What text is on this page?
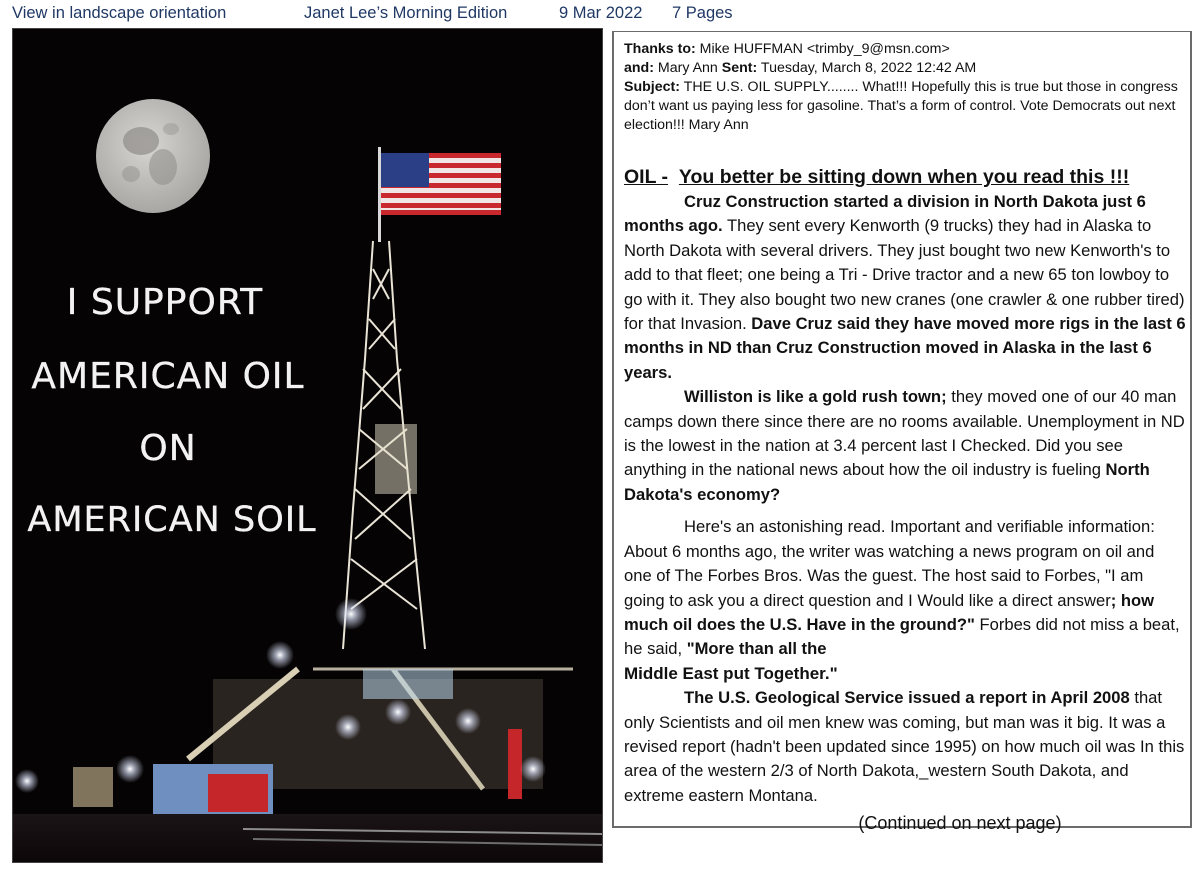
View in landscape orientation	Janet Lee’s Morning Edition	9 Mar 2022 7 Pages
I SUPPORT
AMERICAN OIL
ON
AMERICAN SOIL
Thanks to: Mike HUFFMAN <trimby_9@msn.com>
and: Mary Ann Sent: Tuesday, March 8, 2022 12:42 AM
Subject: THE U.S. OIL SUPPLY........ What!!! Hopefully this is true but those in congress don’t want us paying less for gasoline. That’s a form of control. Vote Democrats out next election!!! Mary Ann
OIL - You better be sitting down when you read this !!!

Cruz Construction started a division in North Dakota just 6 months ago. They sent every Kenworth (9 trucks) they had in Alaska to North Dakota with several drivers. They just bought two new Kenworth's to add to that fleet; one being a Tri - Drive tractor and a new 65 ton lowboy to go with it. They also bought two new cranes (one crawler & one rubber tired) for that Invasion. Dave Cruz said they have moved more rigs in the last 6 months in ND than Cruz Construction moved in Alaska in the last 6 years.

Williston is like a gold rush town; they moved one of our 40 man camps down there since there are no rooms available. Unemployment in ND is the lowest in the nation at 3.4 percent last I Checked. Did you see anything in the national news about how the oil industry is fueling North Dakota's economy?

Here's an astonishing read. Important and verifiable information: About 6 months ago, the writer was watching a news program on oil and one of The Forbes Bros. Was the guest. The host said to Forbes, "I am going to ask you a direct question and I Would like a direct answer; how much oil does the U.S. Have in the ground?" Forbes did not miss a beat, he said, "More than all the
Middle East put Together."

The U.S. Geological Service issued a report in April 2008 that only Scientists and oil men knew was coming, but man was it big. It was a revised report (hadn't been updated since 1995) on how much oil was In this area of the western 2/3 of North Dakota,_western South Dakota, and extreme eastern Montana.

(Continued on next page)
